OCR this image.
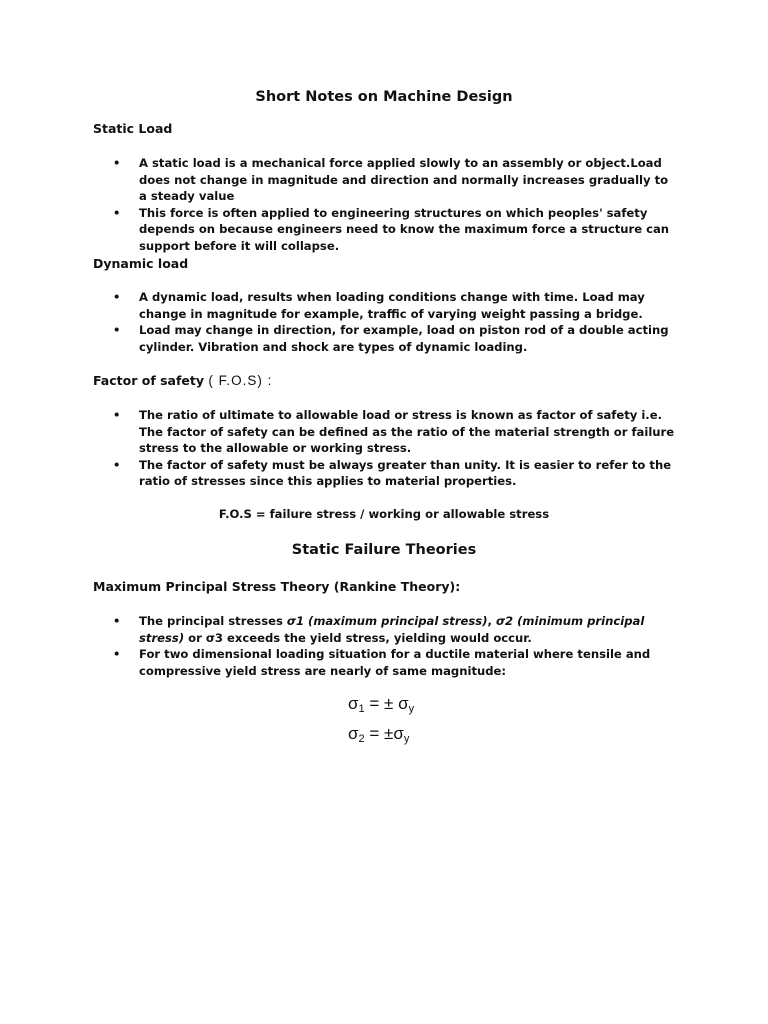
Short Notes on Machine Design
Static Load
• A static load is a mechanical force applied slowly to an assembly or object.Load does not change in magnitude and direction and normally increases gradually to a steady value
• This force is often applied to engineering structures on which peoples' safety depends on because engineers need to know the maximum force a structure can support before it will collapse.
Dynamic load
• A dynamic load, results when loading conditions change with time. Load may change in magnitude for example, traffic of varying weight passing a bridge.
• Load may change in direction, for example, load on piston rod of a double acting cylinder. Vibration and shock are types of dynamic loading.
Factor of safety ( F.O.S) :
• The ratio of ultimate to allowable load or stress is known as factor of safety i.e. The factor of safety can be defined as the ratio of the material strength or failure stress to the allowable or working stress.
• The factor of safety must be always greater than unity. It is easier to refer to the ratio of stresses since this applies to material properties.
F.O.S = failure stress / working or allowable stress
Static Failure Theories
Maximum Principal Stress Theory (Rankine Theory):
• The principal stresses σ1 (maximum principal stress), σ2 (minimum principal stress) or σ3 exceeds the yield stress, yielding would occur.
• For two dimensional loading situation for a ductile material where tensile and compressive yield stress are nearly of same magnitude:
$\sigma_1$ = ± $\sigma_y$
$\sigma_2 = \pm\sigma_y$
